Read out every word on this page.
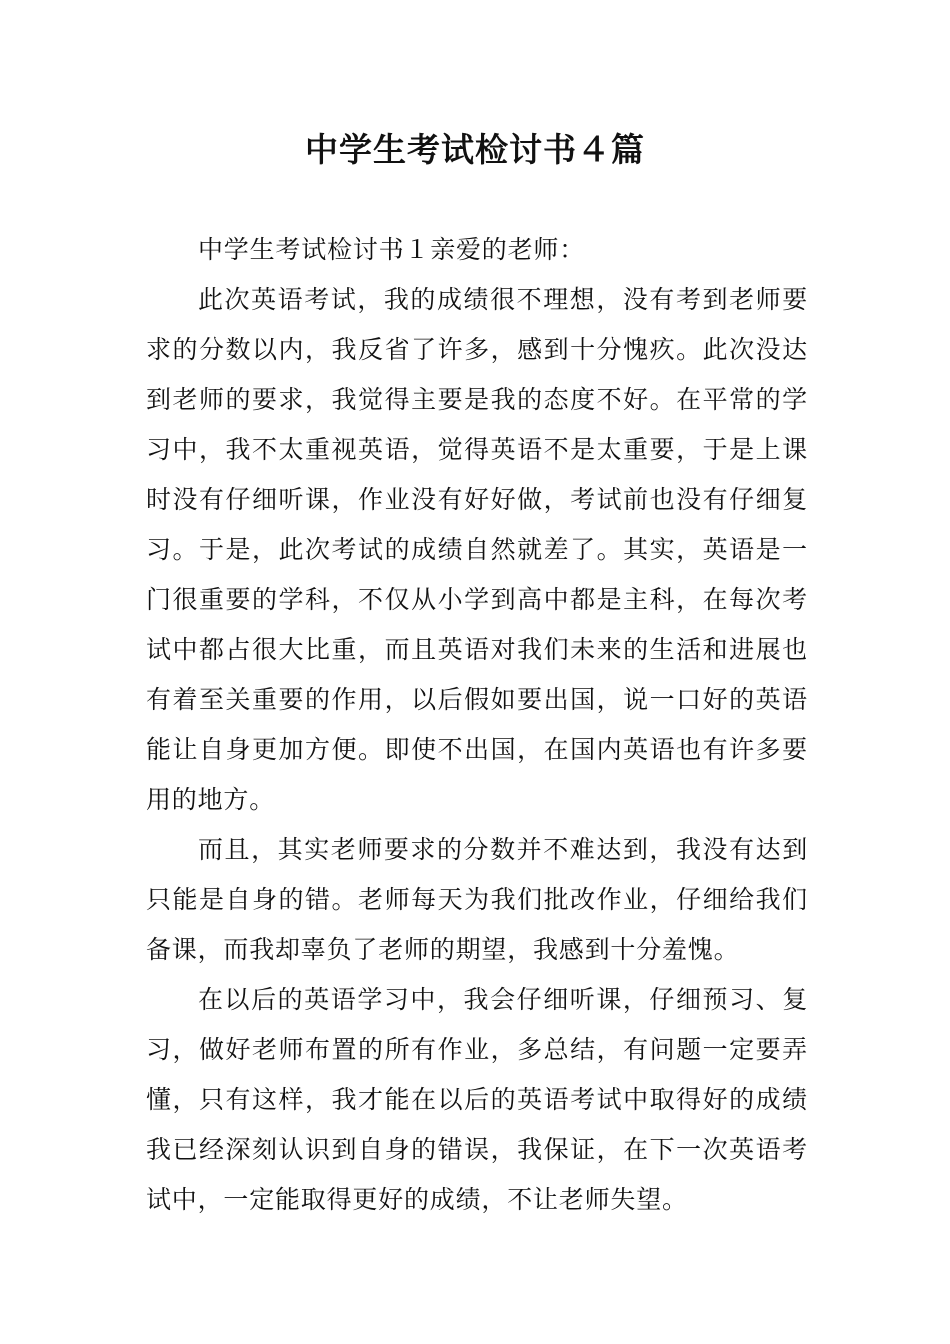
中学生考试检讨书４篇

中学生考试检讨书１亲爱的老师：

此次英语考试，我的成绩很不理想，没有考到老师要求的分数以内，我反省了许多，感到十分愧疚。此次没达到老师的要求，我觉得主要是我的态度不好。在平常的学习中，我不太重视英语，觉得英语不是太重要，于是上课时没有仔细听课，作业没有好好做，考试前也没有仔细复习。于是，此次考试的成绩自然就差了。其实，英语是一门很重要的学科，不仅从小学到高中都是主科，在每次考试中都占很大比重，而且英语对我们未来的生活和进展也有着至关重要的作用，以后假如要出国，说一口好的英语能让自身更加方便。即使不出国，在国内英语也有许多要用的地方。

而且，其实老师要求的分数并不难达到，我没有达到只能是自身的错。老师每天为我们批改作业，仔细给我们备课，而我却辜负了老师的期望，我感到十分羞愧。

在以后的英语学习中，我会仔细听课，仔细预习、复习，做好老师布置的所有作业，多总结，有问题一定要弄懂，只有这样，我才能在以后的英语考试中取得好的成绩我已经深刻认识到自身的错误，我保证，在下一次英语考试中，一定能取得更好的成绩，不让老师失望。
